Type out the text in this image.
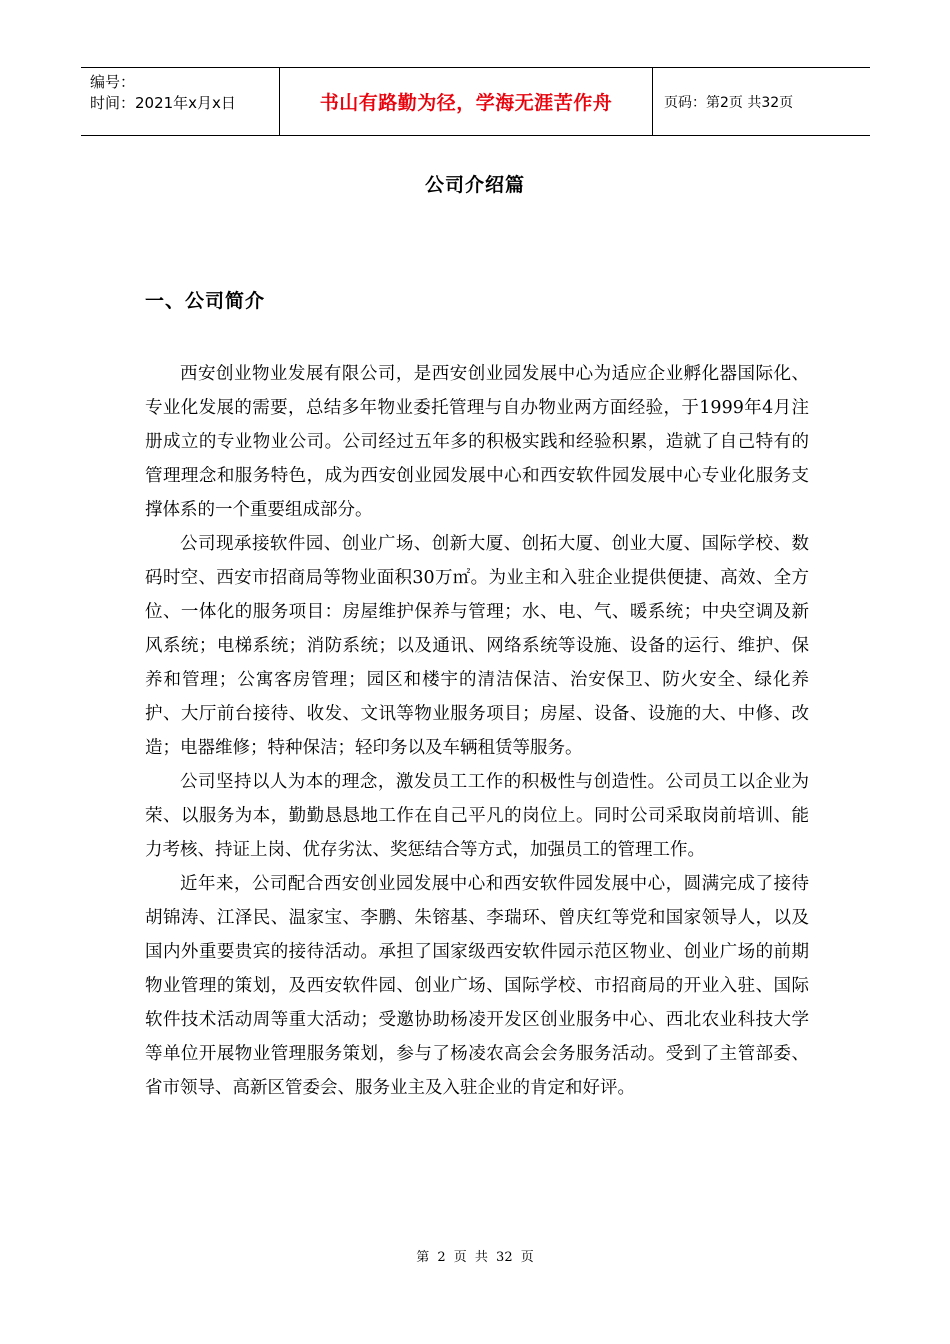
编号：
时间：2021年x月x日	书山有路勤为径，学海无涯苦作舟	页码：第2页 共32页
公司介绍篇
一、公司简介

西安创业物业发展有限公司，是西安创业园发展中心为适应企业孵化器国际化、专业化发展的需要，总结多年物业委托管理与自办物业两方面经验，于1999年4月注册成立的专业物业公司。公司经过五年多的积极实践和经验积累，造就了自己特有的管理理念和服务特色，成为西安创业园发展中心和西安软件园发展中心专业化服务支撑体系的一个重要组成部分。

公司现承接软件园、创业广场、创新大厦、创拓大厦、创业大厦、国际学校、数码时空、西安市招商局等物业面积30万㎡。为业主和入驻企业提供便捷、高效、全方位、一体化的服务项目：房屋维护保养与管理；水、电、气、暖系统；中央空调及新风系统；电梯系统；消防系统；以及通讯、网络系统等设施、设备的运行、维护、保养和管理；公寓客房管理；园区和楼宇的清洁保洁、治安保卫、防火安全、绿化养护、大厅前台接待、收发、文讯等物业服务项目；房屋、设备、设施的大、中修、改造；电器维修；特种保洁；轻印务以及车辆租赁等服务。

公司坚持以人为本的理念，激发员工工作的积极性与创造性。公司员工以企业为荣、以服务为本，勤勤恳恳地工作在自己平凡的岗位上。同时公司采取岗前培训、能力考核、持证上岗、优存劣汰、奖惩结合等方式，加强员工的管理工作。

近年来，公司配合西安创业园发展中心和西安软件园发展中心，圆满完成了接待胡锦涛、江泽民、温家宝、李鹏、朱镕基、李瑞环、曾庆红等党和国家领导人，以及国内外重要贵宾的接待活动。承担了国家级西安软件园示范区物业、创业广场的前期物业管理的策划，及西安软件园、创业广场、国际学校、市招商局的开业入驻、国际软件技术活动周等重大活动；受邀协助杨凌开发区创业服务中心、西北农业科技大学等单位开展物业管理服务策划，参与了杨凌农高会会务服务活动。受到了主管部委、省市领导、高新区管委会、服务业主及入驻企业的肯定和好评。

第 2 页 共 32 页
